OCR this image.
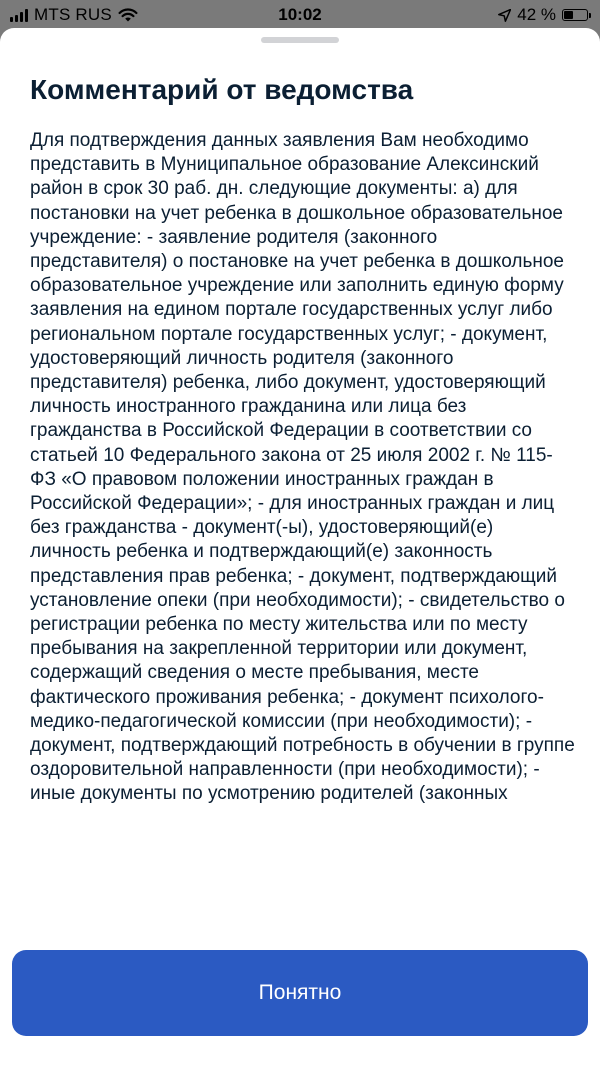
MTS RUS	10:02	42 %
Комментарий от ведомства

Для подтверждения данных заявления Вам необходимо представить в Муниципальное образование Алексинский район в срок 30 раб. дн. следующие документы: а) для постановки на учет ребенка в дошкольное образовательное учреждение: - заявление родителя (законного представителя) о постановке на учет ребенка в дошкольное образовательное учреждение или заполнить единую форму заявления на едином портале государственных услуг либо региональном портале государственных услуг; - документ, удостоверяющий личность родителя (законного представителя) ребенка, либо документ, удостоверяющий личность иностранного гражданина или лица без гражданства в Российской Федерации в соответствии со статьей 10 Федерального закона от 25 июля 2002 г. № 115-ФЗ «О правовом положении иностранных граждан в Российской Федерации»; - для иностранных граждан и лиц без гражданства - документ(-ы), удостоверяющий(е) личность ребенка и подтверждающий(е) законность представления прав ребенка; - документ, подтверждающий установление опеки (при необходимости); - свидетельство о регистрации ребенка по месту жительства или по месту пребывания на закрепленной территории или документ, содержащий сведения о месте пребывания, месте фактического проживания ребенка; - документ психолого-медико-педагогической комиссии (при необходимости); - документ, подтверждающий потребность в обучении в группе оздоровительной направленности (при необходимости); - иные документы по усмотрению родителей (законных

Понятно
